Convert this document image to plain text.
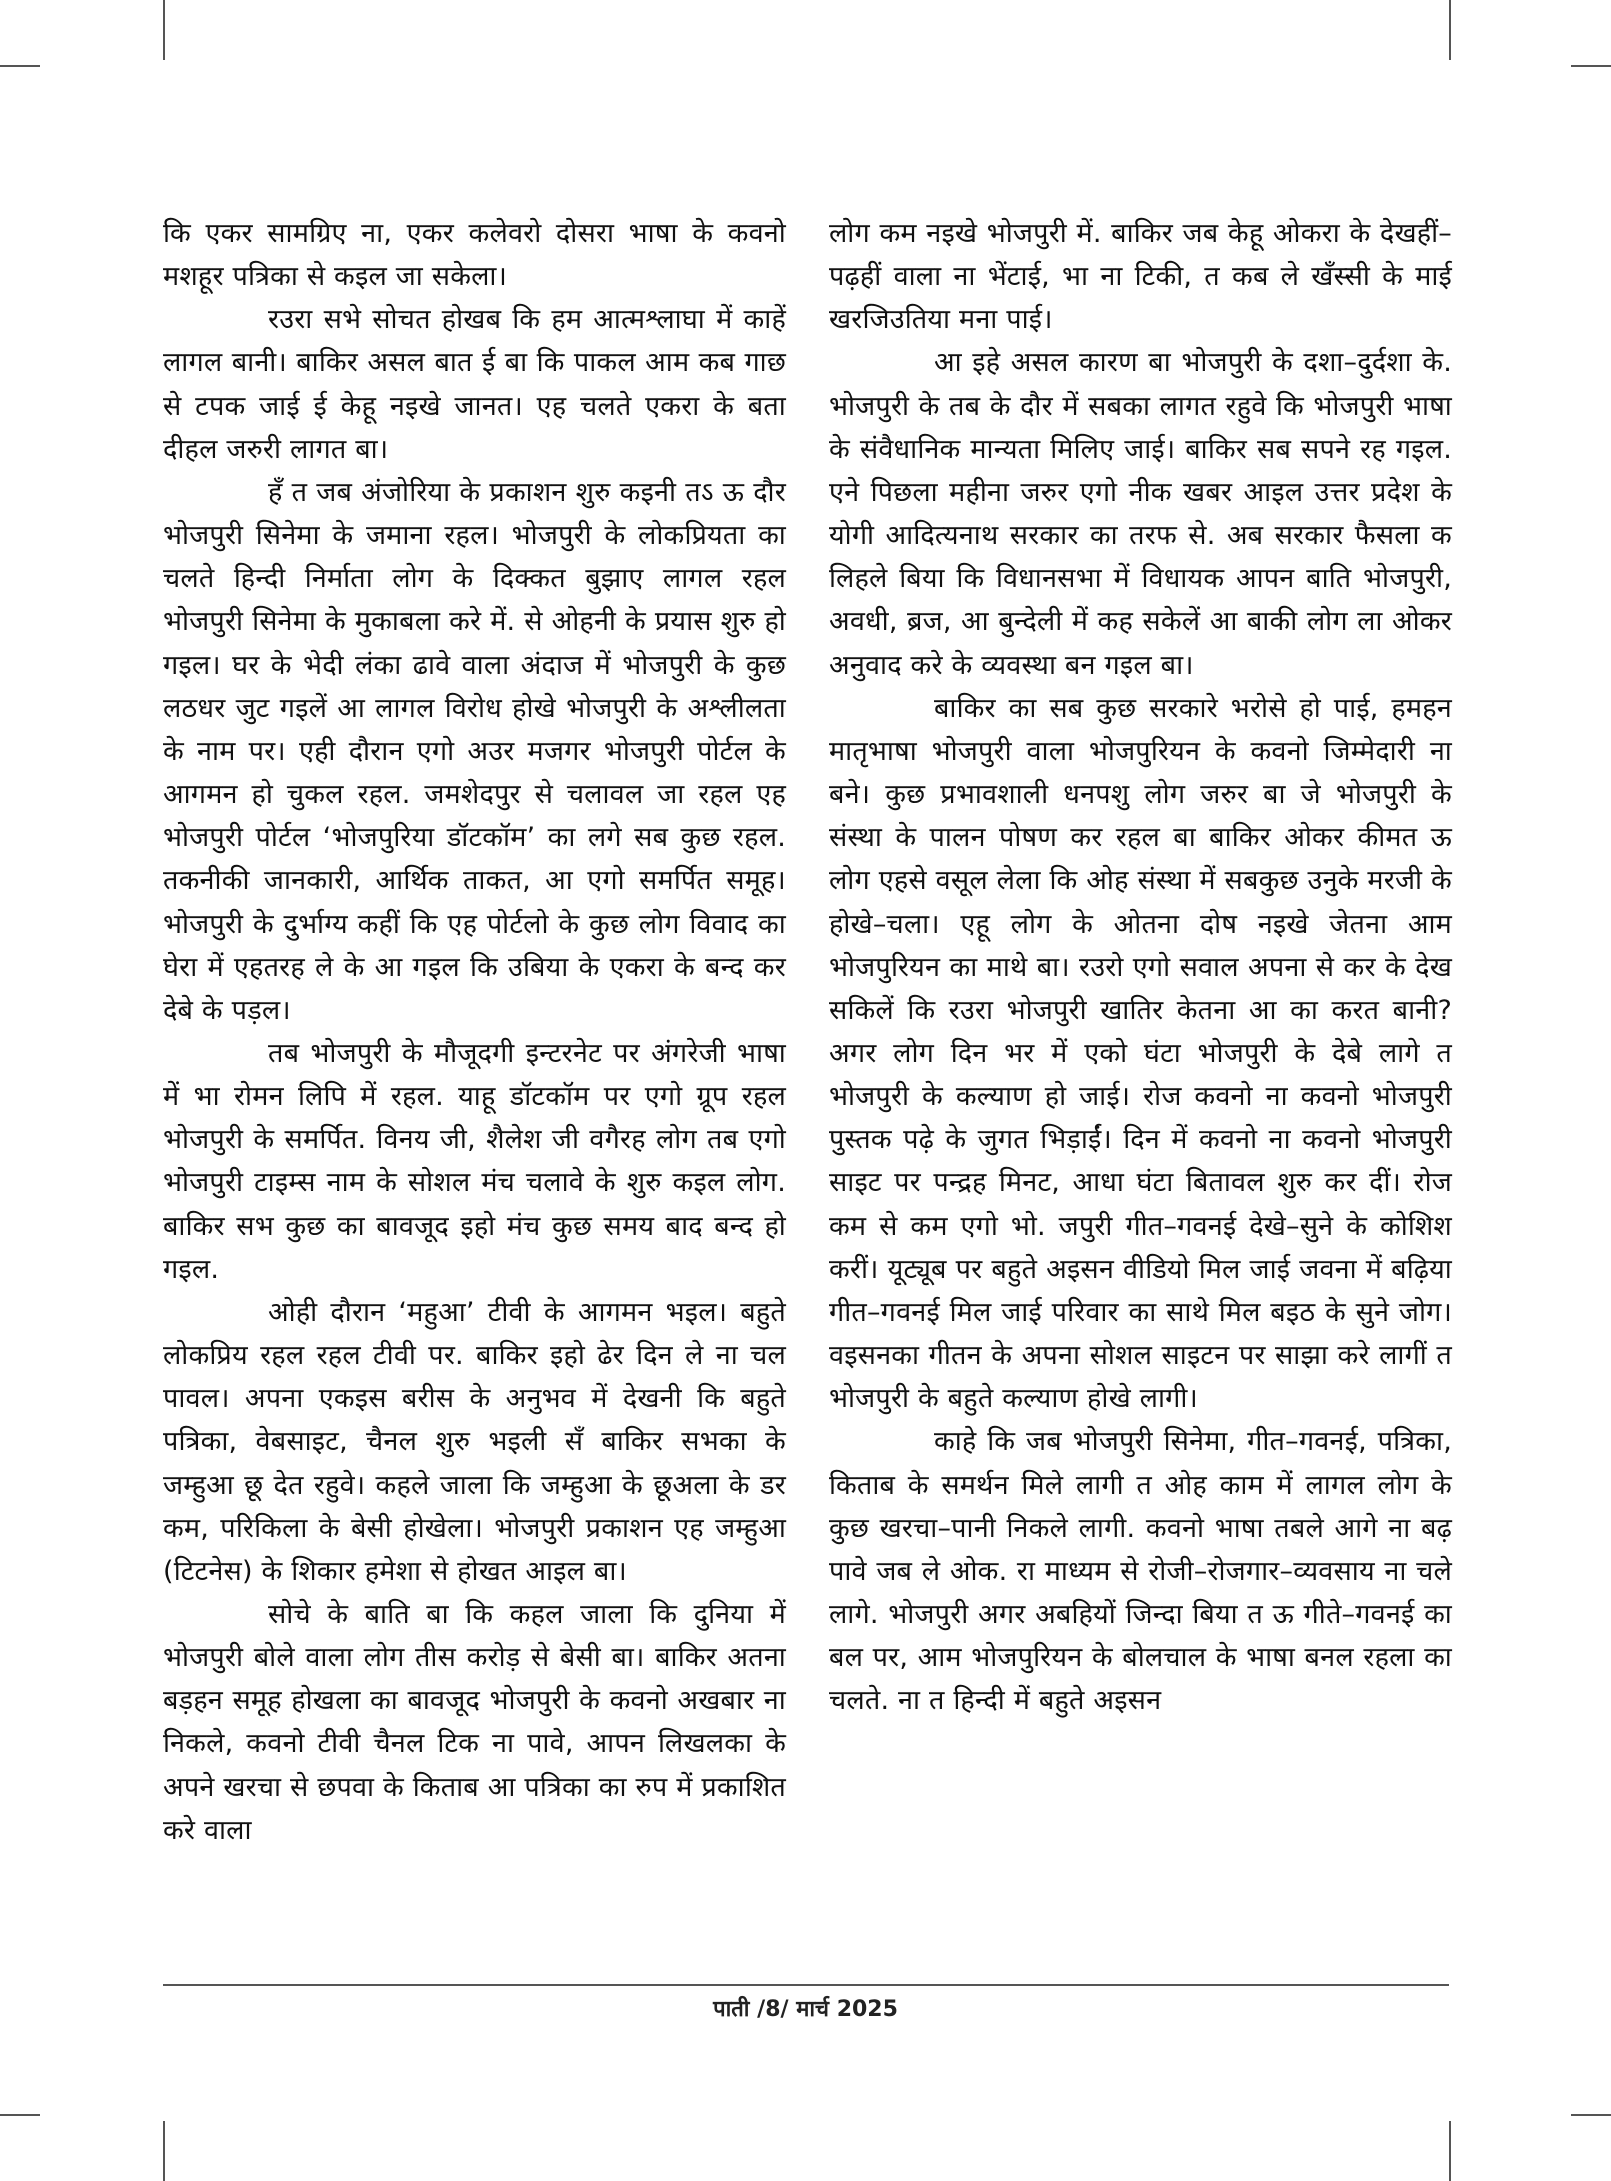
कि एकर सामग्रिए ना, एकर कलेवरो दोसरा भाषा के कवनो मशहूर पत्रिका से कइल जा सकेला।

रउरा सभे सोचत होखब कि हम आत्मश्लाघा में काहें लागल बानी। बाकिर असल बात ई बा कि पाकल आम कब गाछ से टपक जाई ई केहू नइखे जानत। एह चलते एकरा के बता दीहल जरुरी लागत बा।

हँ त जब अंजोरिया के प्रकाशन शुरु कइनी तऽ ऊ दौर भोजपुरी सिनेमा के जमाना रहल। भोजपुरी के लोकप्रियता का चलते हिन्दी निर्माता लोग के दिक्कत बुझाए लागल रहल भोजपुरी सिनेमा के मुकाबला करे में. से ओहनी के प्रयास शुरु हो गइल। घर के भेदी लंका ढावे वाला अंदाज में भोजपुरी के कुछ लठधर जुट गइलें आ लागल विरोध होखे भोजपुरी के अश्लीलता के नाम पर। एही दौरान एगो अउर मजगर भोजपुरी पोर्टल के आगमन हो चुकल रहल. जमशेदपुर से चलावल जा रहल एह भोजपुरी पोर्टल ‘भोजपुरिया डॉटकॉम’ का लगे सब कुछ रहल. तकनीकी जानकारी, आर्थिक ताकत, आ एगो समर्पित समूह। भोजपुरी के दुर्भाग्य कहीं कि एह पोर्टलो के कुछ लोग विवाद का घेरा में एहतरह ले के आ गइल कि उबिया के एकरा के बन्द कर देबे के पड़ल।

तब भोजपुरी के मौजूदगी इन्टरनेट पर अंगरेजी भाषा में भा रोमन लिपि में रहल. याहू डॉटकॉम पर एगो ग्रूप रहल भोजपुरी के समर्पित. विनय जी, शैलेश जी वगैरह लोग तब एगो भोजपुरी टाइम्स नाम के सोशल मंच चलावे के शुरु कइल लोग. बाकिर सभ कुछ का बावजूद इहो मंच कुछ समय बाद बन्द हो गइल.

ओही दौरान ‘महुआ’ टीवी के आगमन भइल। बहुते लोकप्रिय रहल रहल टीवी पर. बाकिर इहो ढेर दिन ले ना चल पावल। अपना एकइस बरीस के अनुभव में देखनी कि बहुते पत्रिका, वेबसाइट, चैनल शुरु भइली सँ बाकिर सभका के जम्हुआ छू देत रहुवे। कहले जाला कि जम्हुआ के छूअला के डर कम, परिकिला के बेसी होखेला। भोजपुरी प्रकाशन एह जम्हुआ (टिटनेस) के शिकार हमेशा से होखत आइल बा।

सोचे के बाति बा कि कहल जाला कि दुनिया में भोजपुरी बोले वाला लोग तीस करोड़ से बेसी बा। बाकिर अतना बड़हन समूह होखला का बावजूद भोजपुरी के कवनो अखबार ना निकले, कवनो टीवी चैनल टिक ना पावे, आपन लिखलका के अपने खरचा से छपवा के किताब आ पत्रिका का रुप में प्रकाशित करे वाला

लोग कम नइखे भोजपुरी में. बाकिर जब केहू ओकरा के देखहीं–पढ़हीं वाला ना भेंटाई, भा ना टिकी, त कब ले खँस्सी के माई खरजिउतिया मना पाई।

आ इहे असल कारण बा भोजपुरी के दशा–दुर्दशा के. भोजपुरी के तब के दौर में सबका लागत रहुवे कि भोजपुरी भाषा के संवैधानिक मान्यता मिलिए जाई। बाकिर सब सपने रह गइल. एने पिछला महीना जरुर एगो नीक खबर आइल उत्तर प्रदेश के योगी आदित्यनाथ सरकार का तरफ से. अब सरकार फैसला क लिहले बिया कि विधानसभा में विधायक आपन बाति भोजपुरी, अवधी, ब्रज, आ बुन्देली में कह सकेलें आ बाकी लोग ला ओकर अनुवाद करे के व्यवस्था बन गइल बा।

बाकिर का सब कुछ सरकारे भरोसे हो पाई, हमहन मातृभाषा भोजपुरी वाला भोजपुरियन के कवनो जिम्मेदारी ना बने। कुछ प्रभावशाली धनपशु लोग जरुर बा जे भोजपुरी के संस्था के पालन पोषण कर रहल बा बाकिर ओकर कीमत ऊ लोग एहसे वसूल लेला कि ओह संस्था में सबकुछ उनुके मरजी के होखे–चला। एहू लोग के ओतना दोष नइखे जेतना आम भोजपुरियन का माथे बा। रउरो एगो सवाल अपना से कर के देख सकिलें कि रउरा भोजपुरी खातिर केतना आ का करत बानी? अगर लोग दिन भर में एको घंटा भोजपुरी के देबे लागे त भोजपुरी के कल्याण हो जाई। रोज कवनो ना कवनो भोजपुरी पुस्तक पढ़े के जुगत भिड़ाईं। दिन में कवनो ना कवनो भोजपुरी साइट पर पन्द्रह मिनट, आधा घंटा बितावल शुरु कर दीं। रोज कम से कम एगो भो. जपुरी गीत–गवनई देखे–सुने के कोशिश करीं। यूट्यूब पर बहुते अइसन वीडियो मिल जाई जवना में बढ़िया गीत–गवनई मिल जाई परिवार का साथे मिल बइठ के सुने जोग। वइसनका गीतन के अपना सोशल साइटन पर साझा करे लागीं त भोजपुरी के बहुते कल्याण होखे लागी।

काहे कि जब भोजपुरी सिनेमा, गीत–गवनई, पत्रिका, किताब के समर्थन मिले लागी त ओह काम में लागल लोग के कुछ खरचा–पानी निकले लागी. कवनो भाषा तबले आगे ना बढ़ पावे जब ले ओक. रा माध्यम से रोजी–रोजगार–व्यवसाय ना चले लागे. भोजपुरी अगर अबहियों जिन्दा बिया त ऊ गीते–गवनई का बल पर, आम भोजपुरियन के बोलचाल के भाषा बनल रहला का चलते. ना त हिन्दी में बहुते अइसन

पाती /8/ मार्च 2025
